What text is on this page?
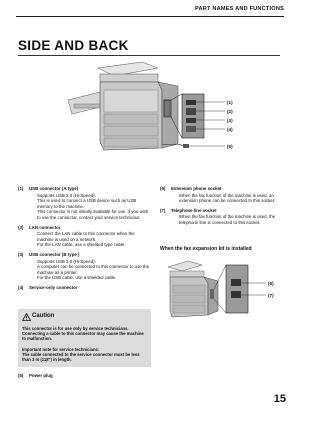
PART NAMES AND FUNCTIONS
SIDE AND BACK
(1)
(2)
(3)
(4)
(5)
(1)	USB connector (A type)
Supports USB 2.0 (Hi-Speed).
This is used to connect a USB device such as USB memory to the machine.
This connector is not initially available for use. If you wish to use the connector, contact your service technician.
(2)	LAN connector
Connect the LAN cable to this connector when the machine is used on a network.
For the LAN cable, use a shielded type cable.
(3)	USB connector (B type )
Supports USB 2.0 (Hi-Speed).
A computer can be connected to this connector to use the machine as a printer.
For the USB cable, use a shielded cable.
(4)	Service-only connector
Caution

This connector is for use only by service technicians. Connecting a cable to this connector may cause the machine to malfunction.

Important note for service technicians:
The cable connected to the service connector must be less than 3 m (118") in length.

(5)	Power plug
(6)	Extension phone socket
When the fax function of the machine is used, an extension phone can be connected to this socket.
(7)	Telephone line socket
When the fax function of the machine is used, the telephone line is connected to this socket.
When the fax expansion kit is installed
(6)
(7)
15
